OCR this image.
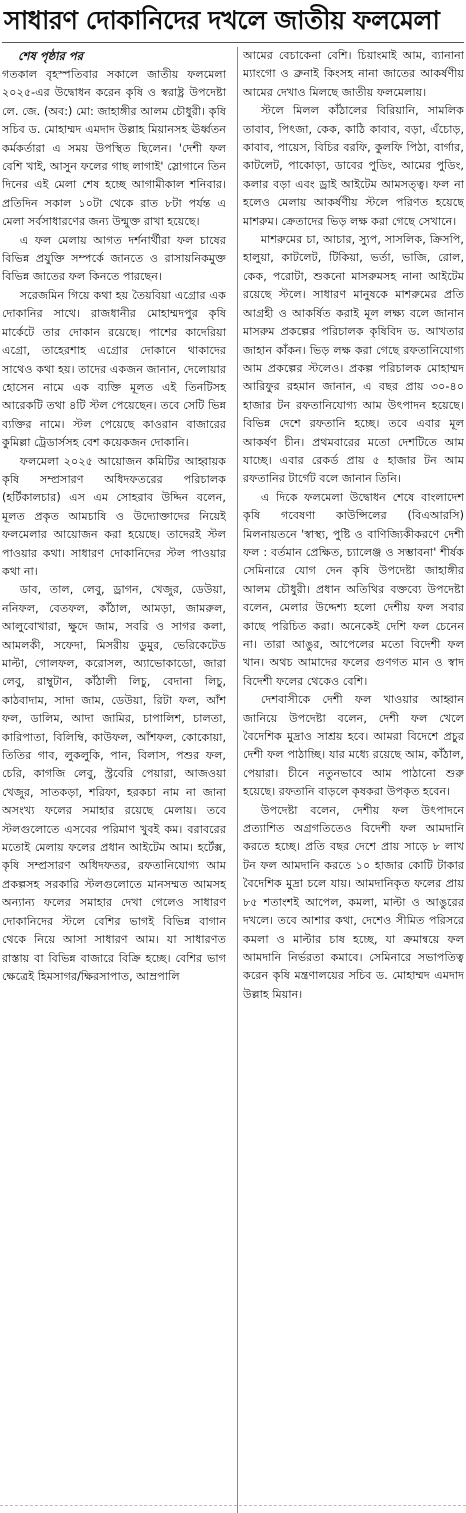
সাধারণ দোকানিদের দখলে জাতীয় ফলমেলা
শেষ পৃষ্ঠার পর

গতকাল বৃহস্পতিবার সকালে জাতীয় ফলমেলা ২০২৫-এর উদ্বোধন করেন কৃষি ও স্বরাষ্ট্র উপদেষ্টা লে. জে. (অব:) মো: জাহাঙ্গীর আলম চৌধুরী। কৃষি সচিব ড. মোহাম্মদ এমদাদ উল্লাহ মিয়ানসহ ঊর্ধ্বতন কর্মকর্তারা এ সময় উপস্থিত ছিলেন। 'দেশী ফল বেশি খাই, আসুন ফলের গাছ লাগাই' স্লোগানে তিন দিনের এই মেলা শেষ হচ্ছে আগামীকাল শনিবার। প্রতিদিন সকাল ১০টা থেকে রাত ৮টা পর্যন্ত এ মেলা সর্বসাধারণের জন্য উন্মুক্ত রাখা হয়েছে।

এ ফল মেলায় আগত দর্শনার্থীরা ফল চাষের বিভিন্ন প্রযুক্তি সম্পর্কে জানতে ও রাসায়নিকমুক্ত বিভিন্ন জাতের ফল কিনতে পারছেন।

সরেজমিন গিয়ে কথা হয় তৈয়বিয়া এগ্রোর এক দোকানির সাথে। রাজধানীর মোহাম্মদপুর কৃষি মার্কেটে তার দোকান রয়েছে। পাশের কাদেরিয়া এগ্রো, তাহেরশাহ এগ্রোর দোকানে থাকাদের সাথেও কথা হয়। তাদের একজন জানান, দেলোয়ার হোসেন নামে এক ব্যক্তি মূলত এই তিনটিসহ আরেকটি তথা ৪টি স্টল পেয়েছেন। তবে সেটি ভিন্ন ব্যক্তির নামে। স্টল পেয়েছে কাওরান বাজারের কুমিল্লা ট্রেডার্সসহ বেশ কয়েকজন দোকানি।

ফলমেলা ২০২৫ আয়োজন কমিটির আহ্বায়ক কৃষি সম্প্রসারণ অধিদফতরের পরিচালক (হর্টিকালচার) এস এম সোহরাব উদ্দিন বলেন, মূলত প্রকৃত আমচাষি ও উদ্যোক্তাদের নিয়েই ফলমেলার আয়োজন করা হয়েছে। তাদেরই স্টল পাওয়ার কথা। সাধারণ দোকানিদের স্টল পাওয়ার কথা না।

ডাব, তাল, লেবু, ড্রাগন, খেজুর, ডেউয়া, ননিফল, বেতফল, কাঁঠাল, আমড়া, জামরুল, আলুবোখারা, ক্ষুদে জাম, সবরি ও সাগর কলা, আমলকী, সফেদা, মিসরীয় ডুমুর, ভেরিকেটেড মাল্টা, গোলফল, করোসল, অ্যাভোকাডো, জারা লেবু, রাম্বুটান, কাঁঠালী লিচু, বেদানা লিচু, কাঠবাদাম, সাদা জাম, ডেউয়া, রিটা ফল, আঁশ ফল, ডালিম, আদা জামির, চাপালিশ, চালতা, কারিপাতা, বিলিম্বি, কাউফল, আঁশফল, কোকোয়া, তিতির গাব, লুকলুকি, পান, বিলাস, পশুর ফল, চেরি, কাগজি লেবু, স্ট্রবেরি পেয়ারা, আজওয়া খেজুর, সাতকড়া, শরিফা, হরকচা নাম না জানা অসংখ্য ফলের সমাহার রয়েছে মেলায়। তবে স্টলগুলোতে এসবের পরিমাণ খুবই কম। বরাবরের মতোই মেলায় ফলের প্রধান আইটেম আম। হর্টেক্স, কৃষি সম্প্রসারণ অধিদফতর, রফতানিযোগ্য আম প্রকল্পসহ সরকারি স্টলগুলোতে মানসম্মত আমসহ অন্যান্য ফলের সমাহার দেখা গেলেও সাধারণ দোকানিদের স্টলে বেশির ভাগই বিভিন্ন বাগান থেকে নিয়ে আসা সাধারণ আম। যা সাধারণত রাস্তায় বা বিভিন্ন বাজারে বিক্রি হচ্ছে। বেশির ভাগ ক্ষেত্রেই হিমসাগর/ক্ষিরসাপাত, আম্রপালি

আমের বেচাকেনা বেশি। চিয়াংমাই আম, ব্যানানা ম্যাংগো ও ব্রুনাই কিংসহ নানা জাতের আকর্ষণীয় আমের দেখাও মিলছে জাতীয় ফলমেলায়।

স্টলে মিলল কাঁঠালের বিরিয়ানি, সামলিক তাবাব, পিৎজা, কেক, কাঠি কাবাব, বড়া, এঁচোড়, কাবাব, পায়েস, বিচির বরফি, কুলফি পিঠা, বার্গার, কাটলেট, পাকোড়া, ডাবের পুডিং, আমের পুডিং, কলার বড়া এবং ড্রাই আইটেম আমসত্ত্ব। ফল না হলেও মেলায় আকর্ষণীয় স্টলে পরিণত হয়েছে মাশরুম। ক্রেতাদের ভিড় লক্ষ করা গেছে সেখানে।

মাশরুমের চা, আচার, স্যুপ, সাসলিক, ক্রিসপি, হালুয়া, কাটলেট, টিকিয়া, ভর্তা, ভাজি, রোল, কেক, পরোটা, শুকনো মাসরুমসহ নানা আইটেম রয়েছে স্টলে। সাধারণ মানুষকে মাশরুমের প্রতি আগ্রহী ও আকর্ষিত করাই মূল লক্ষ্য বলে জানান মাসরুম প্রকল্পের পরিচালক কৃষিবিদ ড. আখতার জাহান কাঁকন। ভিড় লক্ষ করা গেছে রফতানিযোগ্য আম প্রকল্পের স্টলেও। প্রকল্প পরিচালক মোহাম্মদ আরিফুর রহমান জানান, এ বছর প্রায় ৩০-৪০ হাজার টন রফতানিযোগ্য আম উৎপাদন হয়েছে। বিভিন্ন দেশে রফতানি হচ্ছে। তবে এবার মূল আকর্ষণ চীন। প্রথমবারের মতো দেশটিতে আম যাচ্ছে। এবার রেকর্ড প্রায় ৫ হাজার টন আম রফতানির টার্গেট বলে জানান তিনি।

এ দিকে ফলমেলা উদ্বোধন শেষে বাংলাদেশ কৃষি গবেষণা কাউন্সিলের (বিএআরসি) মিলনায়তনে 'স্বাস্থ্য, পুষ্টি ও বাণিজ্যিকীকরণে দেশী ফল : বর্তমান প্রেক্ষিত, চ্যালেঞ্জ ও সম্ভাবনা' শীর্ষক সেমিনারে যোগ দেন কৃষি উপদেষ্টা জাহাঙ্গীর আলম চৌধুরী। প্রধান অতিথির বক্তব্যে উপদেষ্টা বলেন, মেলার উদ্দেশ্য হলো দেশীয় ফল সবার কাছে পরিচিত করা। অনেকেই দেশি ফল চেনেন না। তারা আঙুর, আপেলের মতো বিদেশী ফল খান। অথচ আমাদের ফলের গুণগত মান ও স্বাদ বিদেশী ফলের থেকেও বেশি।

দেশবাসীকে দেশী ফল খাওয়ার আহ্বান জানিয়ে উপদেষ্টা বলেন, দেশী ফল খেলে বৈদেশিক মুদ্রাও সাশ্রয় হবে। আমরা বিদেশে প্রচুর দেশী ফল পাঠাচ্ছি। যার মধ্যে রয়েছে আম, কাঁঠাল, পেয়ারা। চীনে নতুনভাবে আম পাঠানো শুরু হয়েছে। রফতানি বাড়লে কৃষকরা উপকৃত হবেন।

উপদেষ্টা বলেন, দেশীয় ফল উৎপাদনে প্রত্যাশিত অগ্রগতিতেও বিদেশী ফল আমদানি করতে হচ্ছে। প্রতি বছর দেশে প্রায় সাড়ে ৮ লাখ টন ফল আমদানি করতে ১০ হাজার কোটি টাকার বৈদেশিক মুদ্রা চলে যায়। আমদানিকৃত ফলের প্রায় ৮৫ শতাংশই আপেল, কমলা, মাল্টা ও আঙুরের দখলে। তবে আশার কথা, দেশেও সীমিত পরিসরে কমলা ও মাল্টার চাষ হচ্ছে, যা ক্রমান্বয়ে ফল আমদানি নির্ভরতা কমাবে। সেমিনারে সভাপতিত্ব করেন কৃষি মন্ত্রণালয়ের সচিব ড. মোহাম্মদ এমদাদ উল্লাহ মিয়ান।
